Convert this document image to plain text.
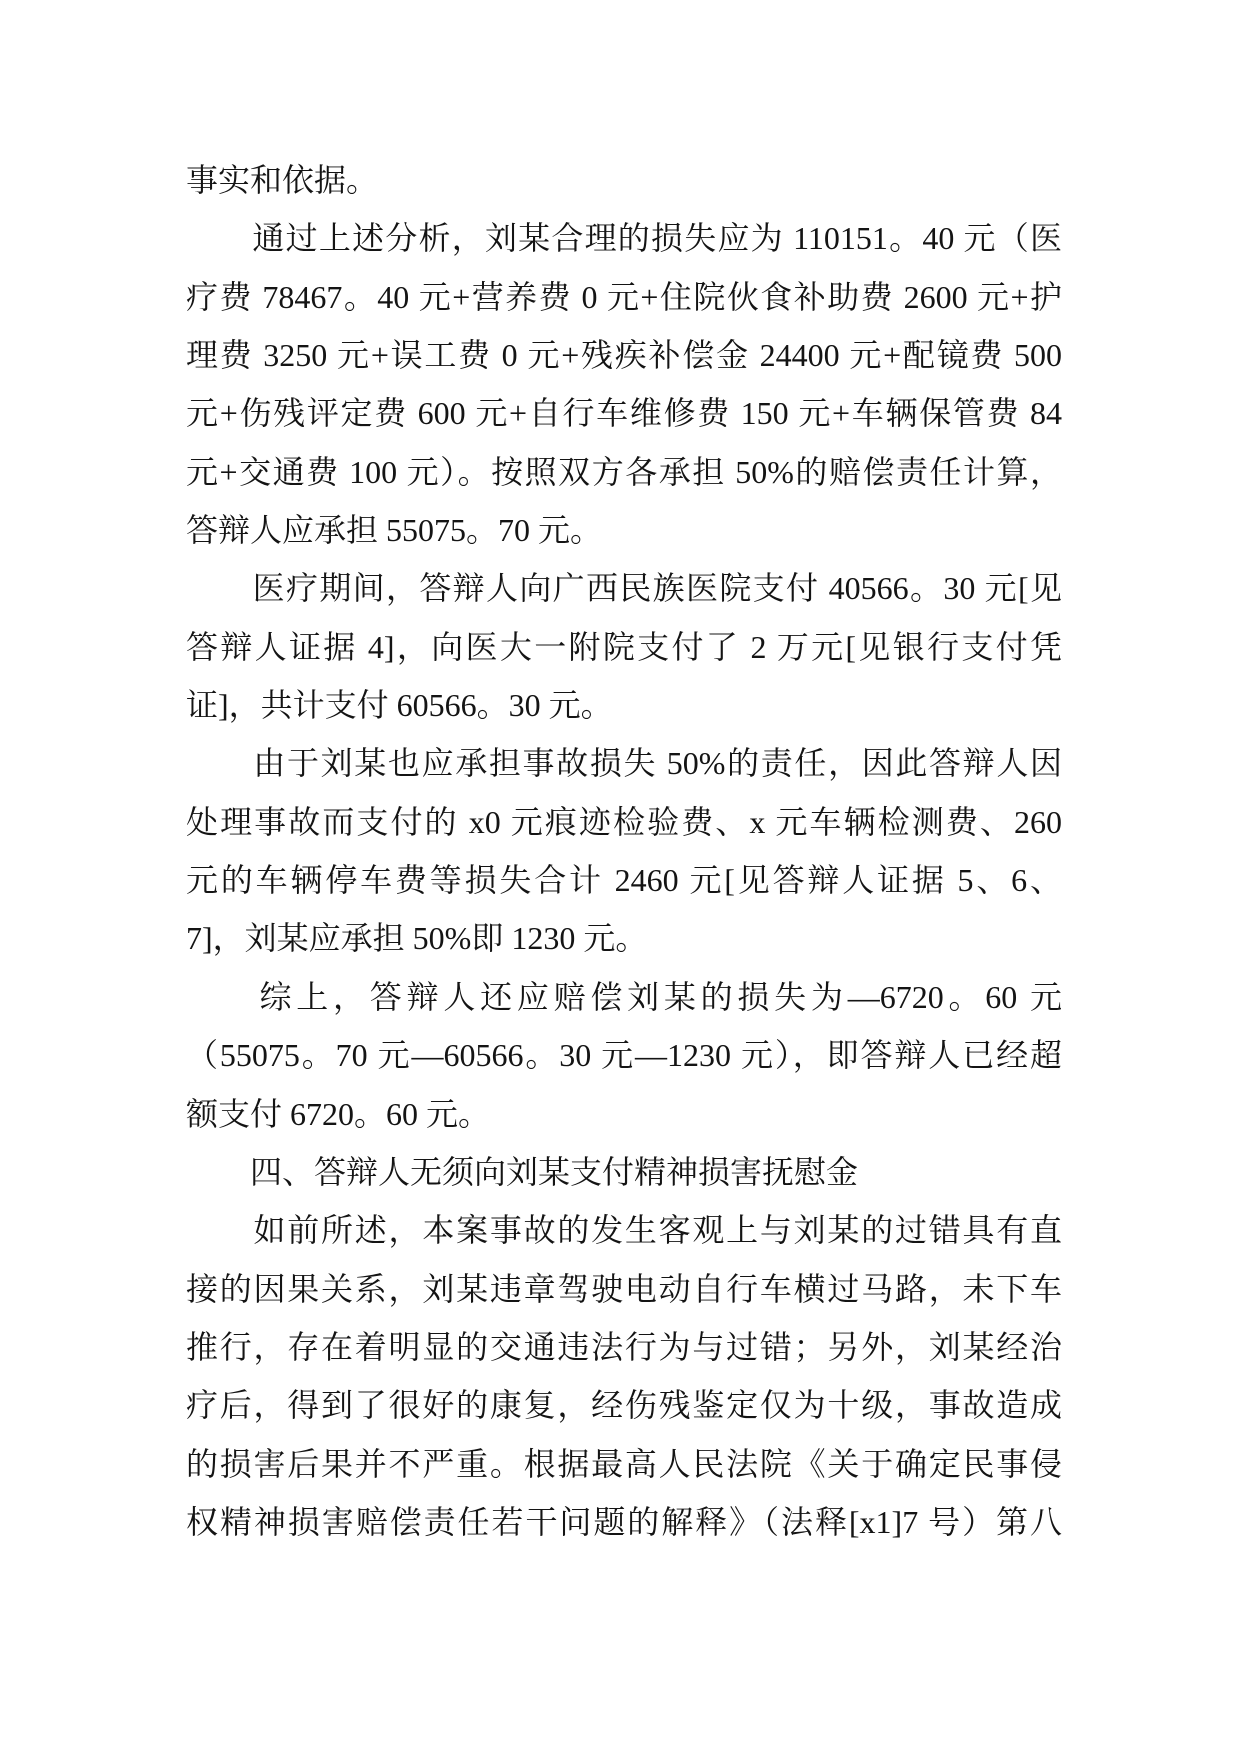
事实和依据。
　　通过上述分析，刘某合理的损失应为 110151。40 元（医
疗费 78467。40 元+营养费 0 元+住院伙食补助费 2600 元+护
理费 3250 元+误工费 0 元+残疾补偿金 24400 元+配镜费 500
元+伤残评定费 600 元+自行车维修费 150 元+车辆保管费 84
元+交通费 100 元）。按照双方各承担 50%的赔偿责任计算，
答辩人应承担 55075。70 元。
　　医疗期间，答辩人向广西民族医院支付 40566。30 元[见
答辩人证据 4]，向医大一附院支付了 2 万元[见银行支付凭
证]，共计支付 60566。30 元。
　　由于刘某也应承担事故损失 50%的责任，因此答辩人因
处理事故而支付的 x0 元痕迹检验费、x 元车辆检测费、260
元的车辆停车费等损失合计 2460 元[见答辩人证据 5、6、
7]，刘某应承担 50%即 1230 元。
　　综上，答辩人还应赔偿刘某的损失为—6720。60 元
（55075。70 元—60566。30 元—1230 元），即答辩人已经超
额支付 6720。60 元。
　　四、答辩人无须向刘某支付精神损害抚慰金
　　如前所述，本案事故的发生客观上与刘某的过错具有直
接的因果关系，刘某违章驾驶电动自行车横过马路，未下车
推行，存在着明显的交通违法行为与过错；另外，刘某经治
疗后，得到了很好的康复，经伤残鉴定仅为十级，事故造成
的损害后果并不严重。根据最高人民法院《关于确定民事侵
权精神损害赔偿责任若干问题的解释》（法释[x1]7 号）第八
